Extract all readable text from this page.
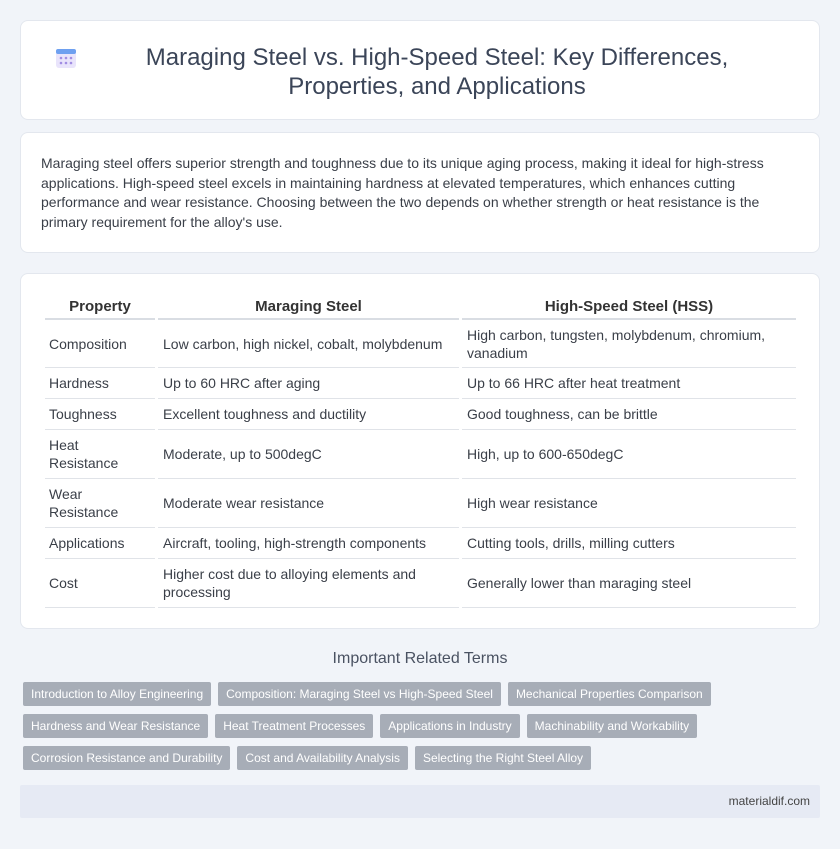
Maraging Steel vs. High-Speed Steel: Key Differences, Properties, and Applications

Maraging steel offers superior strength and toughness due to its unique aging process, making it ideal for high-stress applications. High-speed steel excels in maintaining hardness at elevated temperatures, which enhances cutting performance and wear resistance. Choosing between the two depends on whether strength or heat resistance is the primary requirement for the alloy's use.

Property	Maraging Steel	High-Speed Steel (HSS)
Composition	Low carbon, high nickel, cobalt, molybdenum	High carbon, tungsten, molybdenum, chromium, vanadium
Hardness	Up to 60 HRC after aging	Up to 66 HRC after heat treatment
Toughness	Excellent toughness and ductility	Good toughness, can be brittle
Heat Resistance	Moderate, up to 500degC	High, up to 600-650degC
Wear Resistance	Moderate wear resistance	High wear resistance
Applications	Aircraft, tooling, high-strength components	Cutting tools, drills, milling cutters
Cost	Higher cost due to alloying elements and processing	Generally lower than maraging steel
Important Related Terms
Introduction to Alloy Engineering	Composition: Maraging Steel vs High-Speed Steel	Mechanical Properties Comparison
Hardness and Wear Resistance	Heat Treatment Processes	Applications in Industry	Machinability and Workability
Corrosion Resistance and Durability	Cost and Availability Analysis	Selecting the Right Steel Alloy
materialdif.com
